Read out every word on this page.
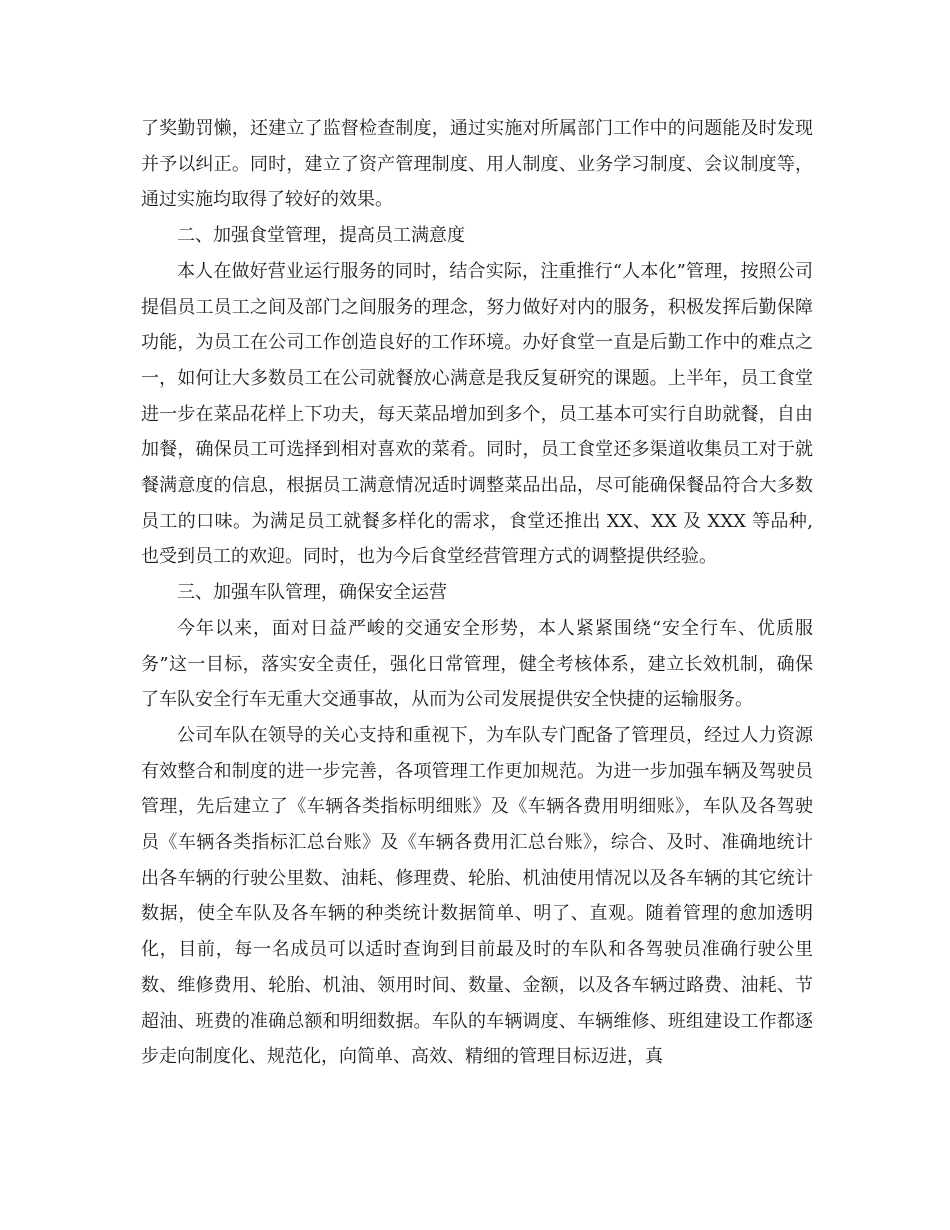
了奖勤罚懒，还建立了监督检查制度，通过实施对所属部门工作中的问题能及时发现并予以纠正。同时，建立了资产管理制度、用人制度、业务学习制度、会议制度等，通过实施均取得了较好的效果。

二、加强食堂管理，提高员工满意度

本人在做好营业运行服务的同时，结合实际，注重推行“人本化”管理，按照公司提倡员工员工之间及部门之间服务的理念，努力做好对内的服务，积极发挥后勤保障功能，为员工在公司工作创造良好的工作环境。办好食堂一直是后勤工作中的难点之一，如何让大多数员工在公司就餐放心满意是我反复研究的课题。上半年，员工食堂进一步在菜品花样上下功夫，每天菜品增加到多个，员工基本可实行自助就餐，自由加餐，确保员工可选择到相对喜欢的菜肴。同时，员工食堂还多渠道收集员工对于就餐满意度的信息，根据员工满意情况适时调整菜品出品，尽可能确保餐品符合大多数员工的口味。为满足员工就餐多样化的需求，食堂还推出 XX、XX 及 XXX 等品种,也受到员工的欢迎。同时，也为今后食堂经营管理方式的调整提供经验。

三、加强车队管理，确保安全运营

今年以来，面对日益严峻的交通安全形势，本人紧紧围绕“安全行车、优质服务”这一目标，落实安全责任，强化日常管理，健全考核体系，建立长效机制，确保了车队安全行车无重大交通事故，从而为公司发展提供安全快捷的运输服务。

公司车队在领导的关心支持和重视下，为车队专门配备了管理员，经过人力资源有效整合和制度的进一步完善，各项管理工作更加规范。为进一步加强车辆及驾驶员管理，先后建立了《车辆各类指标明细账》及《车辆各费用明细账》，车队及各驾驶员《车辆各类指标汇总台账》及《车辆各费用汇总台账》，综合、及时、准确地统计出各车辆的行驶公里数、油耗、修理费、轮胎、机油使用情况以及各车辆的其它统计数据，使全车队及各车辆的种类统计数据简单、明了、直观。随着管理的愈加透明化，目前，每一名成员可以适时查询到目前最及时的车队和各驾驶员准确行驶公里数、维修费用、轮胎、机油、领用时间、数量、金额，以及各车辆过路费、油耗、节超油、班费的准确总额和明细数据。车队的车辆调度、车辆维修、班组建设工作都逐步走向制度化、规范化，向简单、高效、精细的管理目标迈进，真
